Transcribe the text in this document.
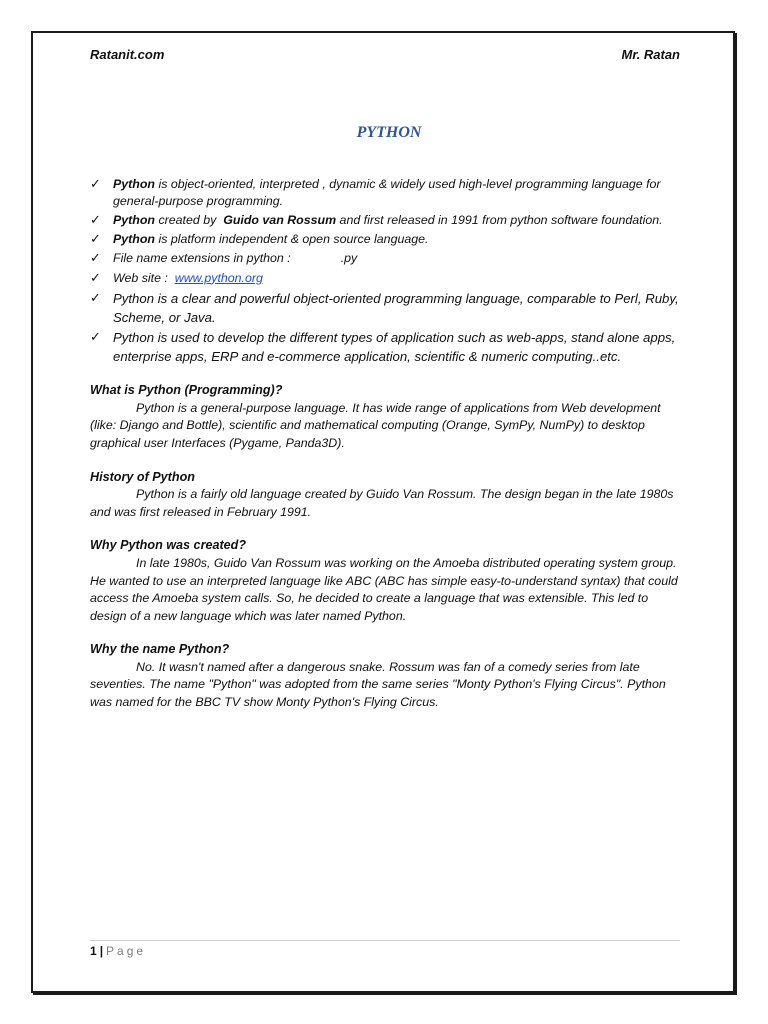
Ratanit.com	Mr. Ratan
PYTHON
✓ Python is object-oriented, interpreted , dynamic & widely used high-level programming language for general-purpose programming.
✓ Python created by  Guido van Rossum and first released in 1991 from python software foundation.
✓ Python is platform independent & open source language.
✓ File name extensions in python :	.py
✓ Web site :  www.python.org
✓ Python is a clear and powerful object-oriented programming language, comparable to Perl, Ruby, Scheme, or Java.
✓ Python is used to develop the different types of application such as web-apps, stand alone apps, enterprise apps, ERP and e-commerce application, scientific & numeric computing..etc.
What is Python (Programming)?

Python is a general-purpose language. It has wide range of applications from Web development (like: Django and Bottle), scientific and mathematical computing (Orange, SymPy, NumPy) to desktop graphical user Interfaces (Pygame, Panda3D).

History of Python

Python is a fairly old language created by Guido Van Rossum. The design began in the late 1980s and was first released in February 1991.

Why Python was created?

In late 1980s, Guido Van Rossum was working on the Amoeba distributed operating system group. He wanted to use an interpreted language like ABC (ABC has simple easy-to-understand syntax) that could access the Amoeba system calls. So, he decided to create a language that was extensible. This led to design of a new language which was later named Python.

Why the name Python?

No. It wasn't named after a dangerous snake. Rossum was fan of a comedy series from late seventies. The name "Python" was adopted from the same series "Monty Python's Flying Circus". Python was named for the BBC TV show Monty Python's Flying Circus.

1 | Page
